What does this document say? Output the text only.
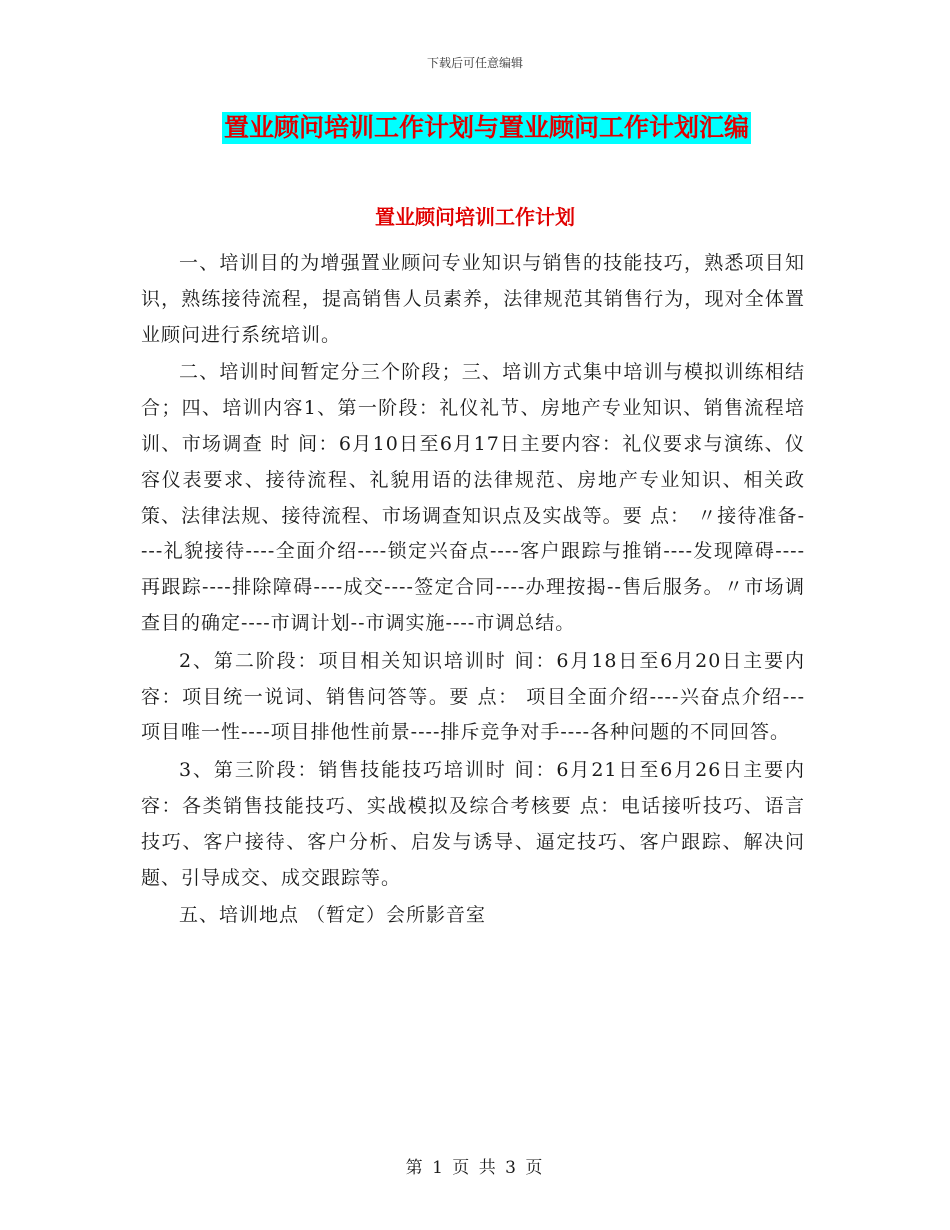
下载后可任意编辑
置业顾问培训工作计划与置业顾问工作计划汇编
置业顾问培训工作计划

一、培训目的为增强置业顾问专业知识与销售的技能技巧，熟悉项目知识，熟练接待流程，提高销售人员素养，法律规范其销售行为，现对全体置业顾问进行系统培训。

二、培训时间暂定分三个阶段；三、培训方式集中培训与模拟训练相结合；四、培训内容1、第一阶段：礼仪礼节、房地产专业知识、销售流程培训、市场调查 时 间：6月10日至6月17日主要内容：礼仪要求与演练、仪容仪表要求、接待流程、礼貌用语的法律规范、房地产专业知识、相关政策、法律法规、接待流程、市场调查知识点及实战等。要 点： 〃接待准备----礼貌接待----全面介绍----锁定兴奋点----客户跟踪与推销----发现障碍----再跟踪----排除障碍----成交----签定合同----办理按揭--售后服务。〃市场调查目的确定----市调计划--市调实施----市调总结。

2、第二阶段：项目相关知识培训时 间：6月18日至6月20日主要内容：项目统一说词、销售问答等。要 点： 项目全面介绍----兴奋点介绍---项目唯一性----项目排他性前景----排斥竞争对手----各种问题的不同回答。

3、第三阶段：销售技能技巧培训时 间：6月21日至6月26日主要内容：各类销售技能技巧、实战模拟及综合考核要 点：电话接听技巧、语言技巧、客户接待、客户分析、启发与诱导、逼定技巧、客户跟踪、解决问题、引导成交、成交跟踪等。

五、培训地点 （暂定）会所影音室

第 1 页 共 3 页
